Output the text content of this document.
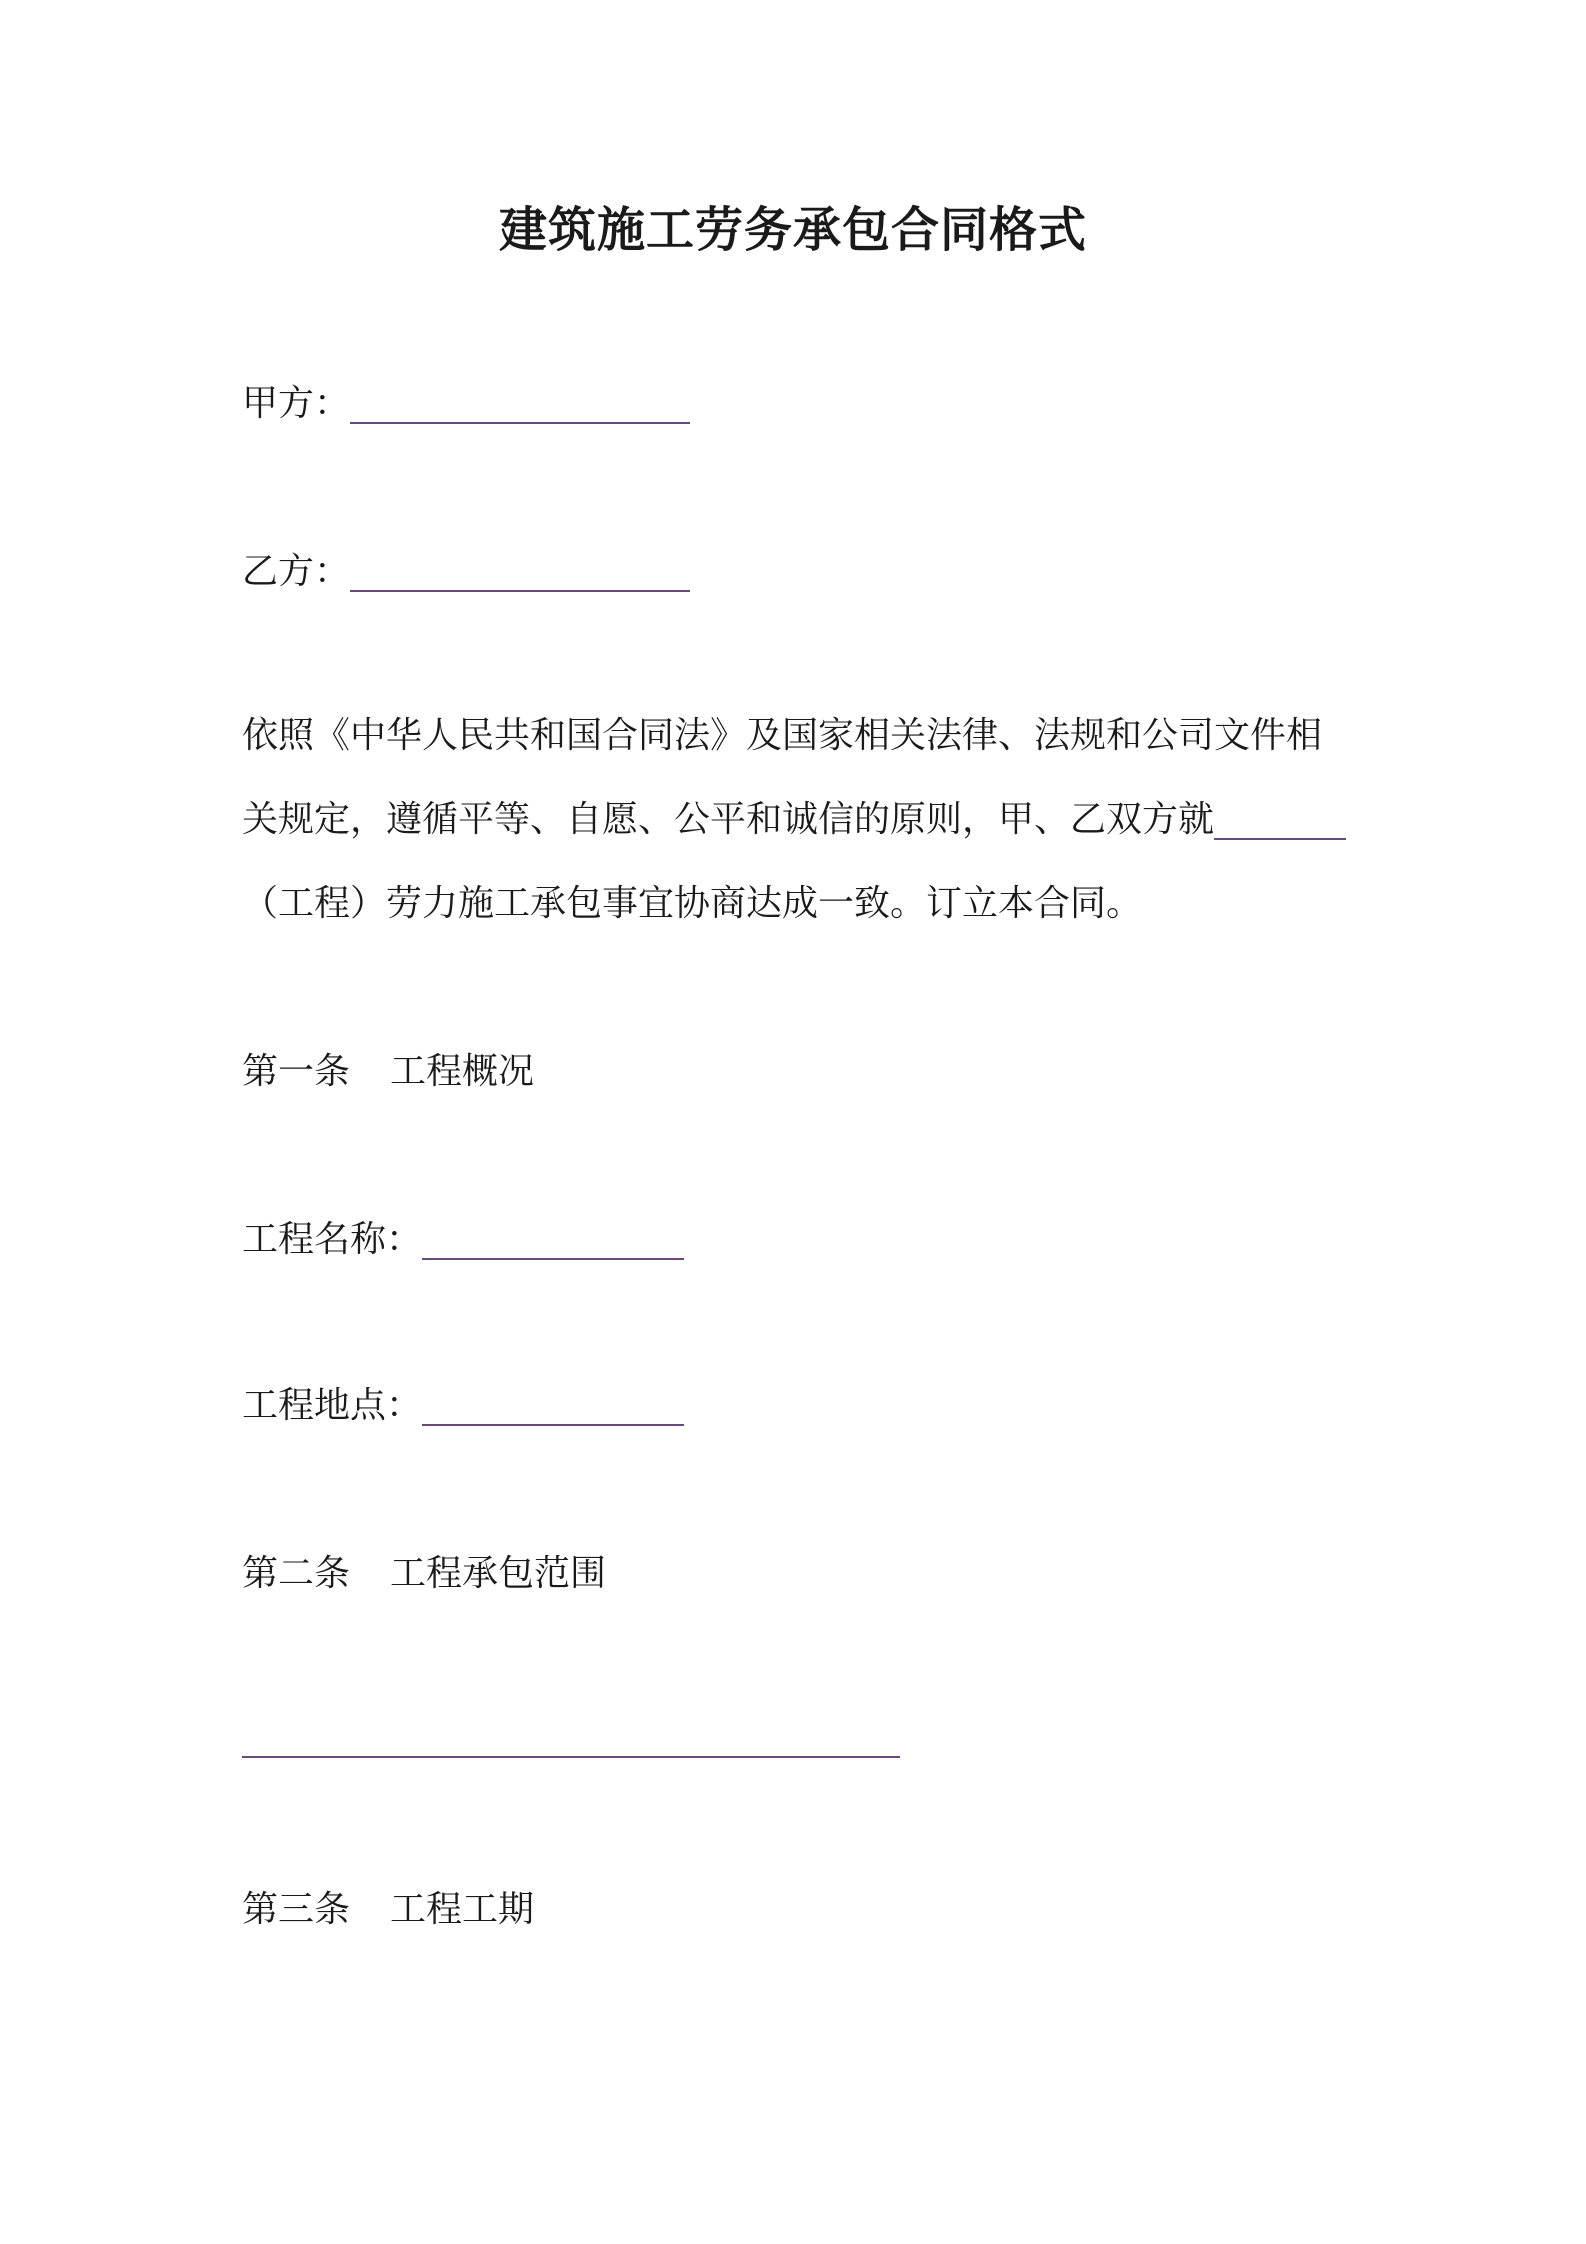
建筑施工劳务承包合同格式
甲方：
乙方：
依照《中华人民共和国合同法》及国家相关法律、法规和公司文件相
关规定，遵循平等、自愿、公平和诚信的原则，甲、乙双方就
（工程）劳力施工承包事宜协商达成一致。订立本合同。
第一条 工程概况
工程名称：
工程地点：
第二条 工程承包范围
第三条 工程工期
